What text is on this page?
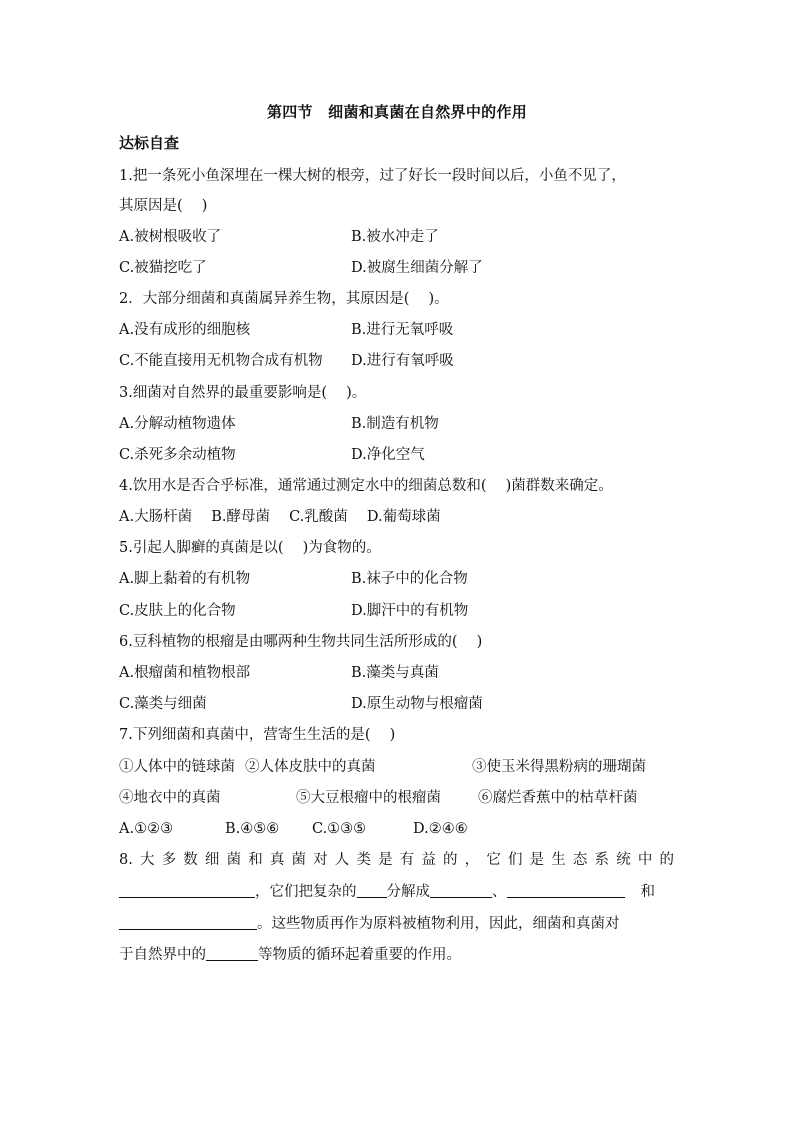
第四节　细菌和真菌在自然界中的作用
达标自查
1.把一条死小鱼深埋在一棵大树的根旁，过了好长一段时间以后，小鱼不见了，
其原因是(　 )
A.被树根吸收了	B.被水冲走了
C.被猫挖吃了	D.被腐生细菌分解了
2．大部分细菌和真菌属异养生物，其原因是(　 )。
A.没有成形的细胞核	B.进行无氧呼吸
C.不能直接用无机物合成有机物 D.进行有氧呼吸
3.细菌对自然界的最重要影响是(　 )。
A.分解动植物遗体	B.制造有机物
C.杀死多余动植物	D.净化空气
4.饮用水是否合乎标准，通常通过测定水中的细菌总数和(　 )菌群数来确定。
A.大肠杆菌　 B.酵母菌　 C.乳酸菌　 D.葡萄球菌
5.引起人脚癣的真菌是以(　 )为食物的。
A.脚上黏着的有机物	B.袜子中的化合物
C.皮肤上的化合物	D.脚汗中的有机物
6.豆科植物的根瘤是由哪两种生物共同生活所形成的(　 )
A.根瘤菌和植物根部	B.藻类与真菌
C.藻类与细菌	D.原生动物与根瘤菌
7.下列细菌和真菌中，营寄生生活的是(　 )
①人体中的链球菌 ②人体皮肤中的真菌	③使玉米得黑粉病的珊瑚菌
④地衣中的真菌	⑤大豆根瘤中的根瘤菌	⑥腐烂香蕉中的枯草杆菌
A.①②③	B.④⑤⑥ C.①③⑤	D.②④⑥
8.大多数细菌和真菌对人类是有益的，它们是生态系统中的
，它们把复杂的 分解成	、	和
。这些物质再作为原料被植物利用，因此，细菌和真菌对
于自然界中的	等物质的循环起着重要的作用。
